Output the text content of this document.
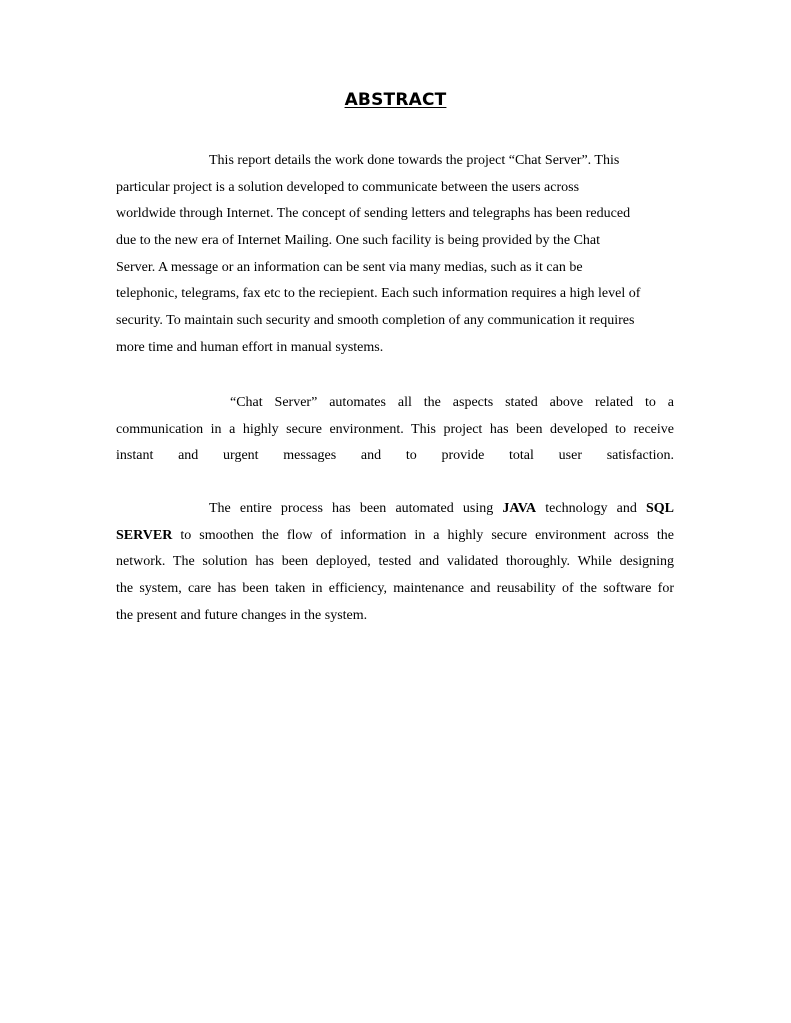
ABSTRACT
This report details the work done towards the project “Chat Server”. This
particular project is a solution developed to communicate between the users across
worldwide through Internet. The concept of sending letters and telegraphs has been reduced
due to the new era of Internet Mailing. One such facility is being provided by the Chat
Server. A message or an information can be sent via many medias, such as it can be
telephonic, telegrams, fax etc to the reciepient. Each such information requires a high level of
security. To maintain such security and smooth completion of any communication it requires
more time and human effort in manual systems.
“Chat Server” automates all the aspects stated above related to a
communication in a highly secure environment. This project has been developed to receive
instant and urgent messages and to provide total user satisfaction.
The entire process has been automated using JAVA technology and SQL
SERVER to smoothen the flow of information in a highly secure environment across the
network. The solution has been deployed, tested and validated thoroughly. While designing
the system, care has been taken in efficiency, maintenance and reusability of the software for
the present and future changes in the system.
